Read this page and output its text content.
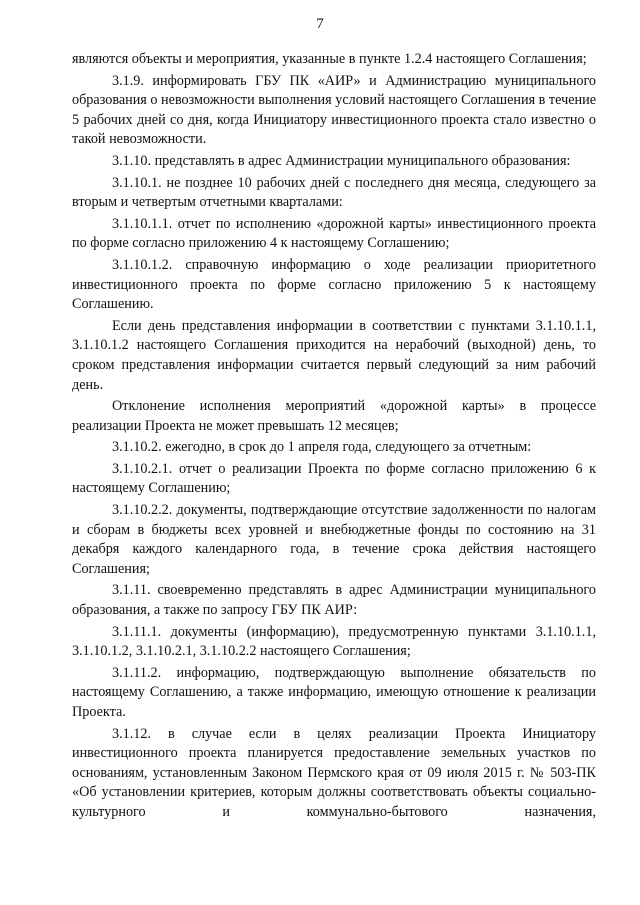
7

являются объекты и мероприятия, указанные в пункте 1.2.4 настоящего Соглашения;

3.1.9. информировать ГБУ ПК «АИР» и Администрацию муниципального образования о невозможности выполнения условий настоящего Соглашения в течение 5 рабочих дней со дня, когда Инициатору инвестиционного проекта стало известно о такой невозможности.

3.1.10. представлять в адрес Администрации муниципального образования:

3.1.10.1. не позднее 10 рабочих дней с последнего дня месяца, следующего за вторым и четвертым отчетными кварталами:

3.1.10.1.1. отчет по исполнению «дорожной карты» инвестиционного проекта по форме согласно приложению 4 к настоящему Соглашению;

3.1.10.1.2. справочную информацию о ходе реализации приоритетного инвестиционного проекта по форме согласно приложению 5 к настоящему Соглашению.

Если день представления информации в соответствии с пунктами 3.1.10.1.1, 3.1.10.1.2 настоящего Соглашения приходится на нерабочий (выходной) день, то сроком представления информации считается первый следующий за ним рабочий день.

Отклонение исполнения мероприятий «дорожной карты» в процессе реализации Проекта не может превышать 12 месяцев;

3.1.10.2. ежегодно, в срок до 1 апреля года, следующего за отчетным:

3.1.10.2.1. отчет о реализации Проекта по форме согласно приложению 6 к настоящему Соглашению;

3.1.10.2.2. документы, подтверждающие отсутствие задолженности по налогам и сборам в бюджеты всех уровней и внебюджетные фонды по состоянию на 31 декабря каждого календарного года, в течение срока действия настоящего Соглашения;

3.1.11. своевременно представлять в адрес Администрации муниципального образования, а также по запросу ГБУ ПК АИР:

3.1.11.1. документы (информацию), предусмотренную пунктами 3.1.10.1.1, 3.1.10.1.2, 3.1.10.2.1, 3.1.10.2.2 настоящего Соглашения;

3.1.11.2. информацию, подтверждающую выполнение обязательств по настоящему Соглашению, а также информацию, имеющую отношение к реализации Проекта.

3.1.12. в случае если в целях реализации Проекта Инициатору инвестиционного проекта планируется предоставление земельных участков по основаниям, установленным Законом Пермского края от 09 июля 2015 г. № 503-ПК «Об установлении критериев, которым должны соответствовать объекты социально-культурного и коммунально-бытового назначения,
